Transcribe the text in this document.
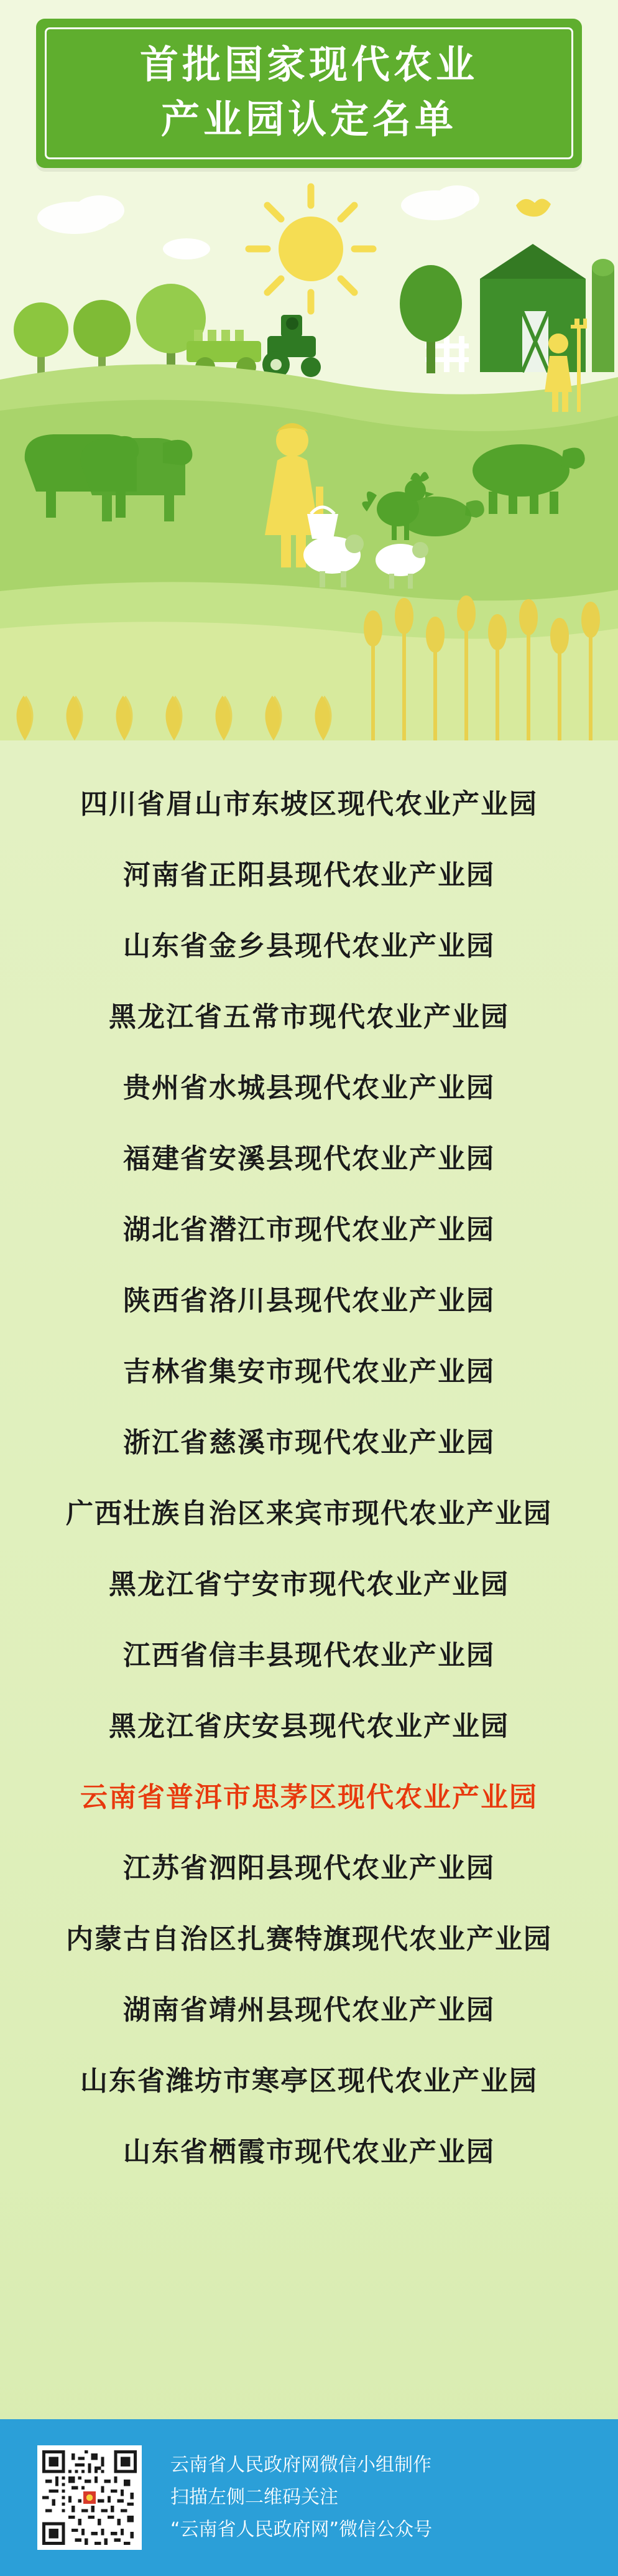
首批国家现代农业
产业园认定名单
四川省眉山市东坡区现代农业产业园
河南省正阳县现代农业产业园
山东省金乡县现代农业产业园
黑龙江省五常市现代农业产业园
贵州省水城县现代农业产业园
福建省安溪县现代农业产业园
湖北省潜江市现代农业产业园
陕西省洛川县现代农业产业园
吉林省集安市现代农业产业园
浙江省慈溪市现代农业产业园
广西壮族自治区来宾市现代农业产业园
黑龙江省宁安市现代农业产业园
江西省信丰县现代农业产业园
黑龙江省庆安县现代农业产业园
云南省普洱市思茅区现代农业产业园
江苏省泗阳县现代农业产业园
内蒙古自治区扎赛特旗现代农业产业园
湖南省靖州县现代农业产业园
山东省潍坊市寒亭区现代农业产业园
山东省栖霞市现代农业产业园
云南省人民政府网微信小组制作
扫描左侧二维码关注
“云南省人民政府网”微信公众号
